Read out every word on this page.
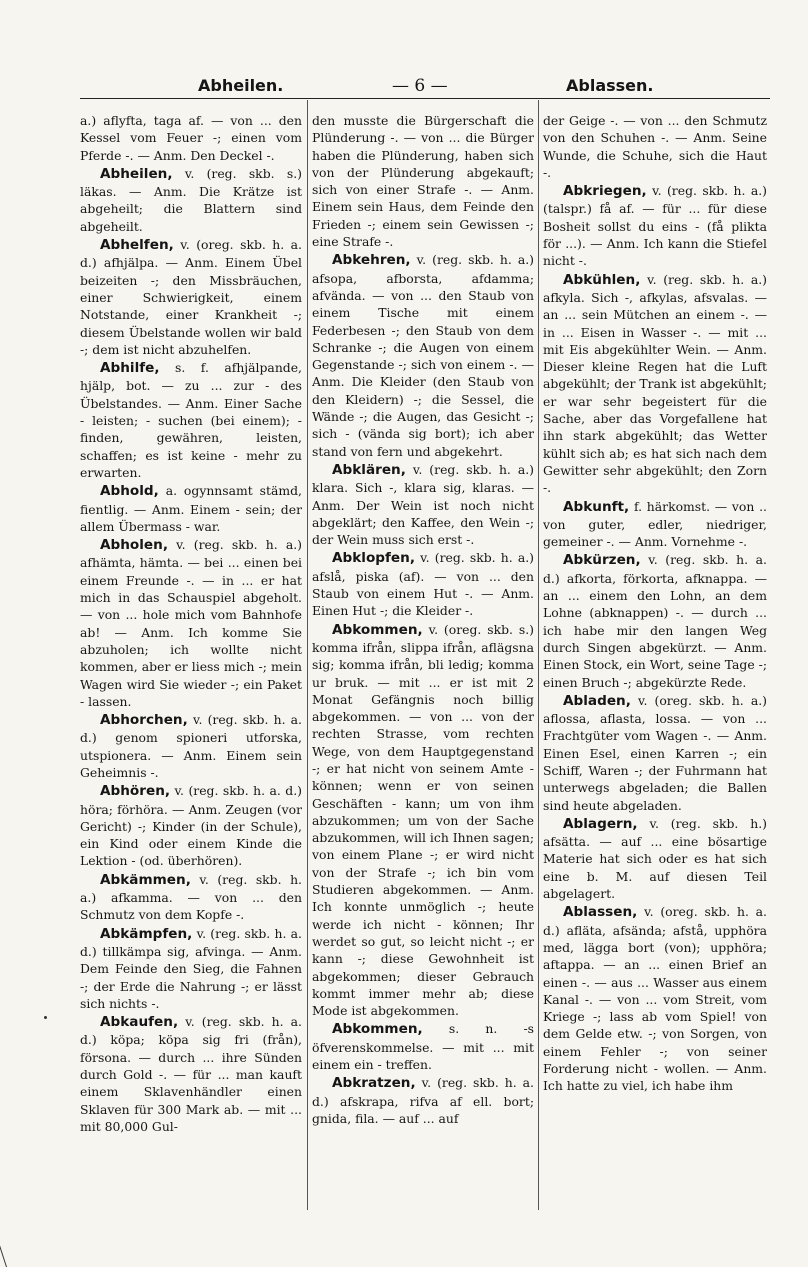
Abheilen.	— 6 —	Ablassen.
a.) aflyfta, taga af. — von ... den Kessel vom Feuer -; einen vom Pferde -. — Anm. Den Deckel -.
Abheilen, v. (reg. skb. s.) läkas. — Anm. Die Krätze ist abgeheilt; die Blattern sind abgeheilt.
Abhelfen, v. (oreg. skb. h. a. d.) afhjälpa. — Anm. Einem Übel beizeiten -; den Missbräuchen, einer Schwierigkeit, einem Notstande, einer Krankheit -; diesem Übelstande wollen wir bald -; dem ist nicht abzuhelfen.
Abhilfe, s. f. afhjälpande, hjälp, bot. — zu ... zur - des Übelstandes. — Anm. Einer Sache - leisten; - suchen (bei einem); - finden, gewähren, leisten, schaffen; es ist keine - mehr zu erwarten.
Abhold, a. ogynnsamt stämd, fientlig. — Anm. Einem - sein; der allem Übermass - war.
Abholen, v. (reg. skb. h. a.) afhämta, hämta. — bei ... einen bei einem Freunde -. — in ... er hat mich in das Schauspiel abgeholt. — von ... hole mich vom Bahnhofe ab! — Anm. Ich komme Sie abzuholen; ich wollte nicht kommen, aber er liess mich -; mein Wagen wird Sie wieder -; ein Paket - lassen.
Abhorchen, v. (reg. skb. h. a. d.) genom spioneri utforska, utspionera. — Anm. Einem sein Geheimnis -.
Abhören, v. (reg. skb. h. a. d.) höra; förhöra. — Anm. Zeugen (vor Gericht) -; Kinder (in der Schule), ein Kind oder einem Kinde die Lektion - (od. überhören).
Abkämmen, v. (reg. skb. h. a.) afkamma. — von ... den Schmutz von dem Kopfe -.
Abkämpfen, v. (reg. skb. h. a. d.) tillkämpa sig, afvinga. — Anm. Dem Feinde den Sieg, die Fahnen -; der Erde die Nahrung -; er lässt sich nichts -.
Abkaufen, v. (reg. skb. h. a. d.) köpa; köpa sig fri (från), försona. — durch ... ihre Sünden durch Gold -. — für ... man kauft einem Sklavenhändler einen Sklaven für 300 Mark ab. — mit ... mit 80,000 Gul-
den musste die Bürgerschaft die Plünderung -. — von ... die Bürger haben die Plünderung, haben sich von der Plünderung abgekauft; sich von einer Strafe -. — Anm. Einem sein Haus, dem Feinde den Frieden -; einem sein Gewissen -; eine Strafe -.
Abkehren, v. (reg. skb. h. a.) afsopa, afborsta, afdamma; afvända. — von ... den Staub von einem Tische mit einem Federbesen -; den Staub von dem Schranke -; die Augen von einem Gegenstande -; sich von einem -. — Anm. Die Kleider (den Staub von den Kleidern) -; die Sessel, die Wände -; die Augen, das Gesicht -; sich - (vända sig bort); ich aber stand von fern und abgekehrt.
Abklären, v. (reg. skb. h. a.) klara. Sich -, klara sig, klaras. — Anm. Der Wein ist noch nicht abgeklärt; den Kaffee, den Wein -; der Wein muss sich erst -.
Abklopfen, v. (reg. skb. h. a.) afslå, piska (af). — von ... den Staub von einem Hut -. — Anm. Einen Hut -; die Kleider -.
Abkommen, v. (oreg. skb. s.) komma ifrån, slippa ifrån, aflägsna sig; komma ifrån, bli ledig; komma ur bruk. — mit ... er ist mit 2 Monat Gefängnis noch billig abgekommen. — von ... von der rechten Strasse, vom rechten Wege, von dem Hauptgegenstand -; er hat nicht von seinem Amte - können; wenn er von seinen Geschäften - kann; um von ihm abzukommen; um von der Sache abzukommen, will ich Ihnen sagen; von einem Plane -; er wird nicht von der Strafe -; ich bin vom Studieren abgekommen. — Anm. Ich konnte unmöglich -; heute werde ich nicht - können; Ihr werdet so gut, so leicht nicht -; er kann -; diese Gewohnheit ist abgekommen; dieser Gebrauch kommt immer mehr ab; diese Mode ist abgekommen.
Abkommen, s. n. -s öfverenskommelse. — mit ... mit einem ein - treffen.
Abkratzen, v. (reg. skb. h. a. d.) afskrapa, rifva af ell. bort; gnida, fila. — auf ... auf
der Geige -. — von ... den Schmutz von den Schuhen -. — Anm. Seine Wunde, die Schuhe, sich die Haut -.
Abkriegen, v. (reg. skb. h. a.) (talspr.) få af. — für ... für diese Bosheit sollst du eins - (få plikta för ...). — Anm. Ich kann die Stiefel nicht -.
Abkühlen, v. (reg. skb. h. a.) afkyla. Sich -, afkylas, afsvalas. — an ... sein Mütchen an einem -. — in ... Eisen in Wasser -. — mit ... mit Eis abgekühlter Wein. — Anm. Dieser kleine Regen hat die Luft abgekühlt; der Trank ist abgekühlt; er war sehr begeistert für die Sache, aber das Vorgefallene hat ihn stark abgekühlt; das Wetter kühlt sich ab; es hat sich nach dem Gewitter sehr abgekühlt; den Zorn -.
Abkunft, f. härkomst. — von .. von guter, edler, niedriger, gemeiner -. — Anm. Vornehme -.
Abkürzen, v. (reg. skb. h. a. d.) afkorta, förkorta, afknappa. — an ... einem den Lohn, an dem Lohne (abknappen) -. — durch ... ich habe mir den langen Weg durch Singen abgekürzt. — Anm. Einen Stock, ein Wort, seine Tage -; einen Bruch -; abgekürzte Rede.
Abladen, v. (oreg. skb. h. a.) aflossa, aflasta, lossa. — von ... Frachtgüter vom Wagen -. — Anm. Einen Esel, einen Karren -; ein Schiff, Waren -; der Fuhrmann hat unterwegs abgeladen; die Ballen sind heute abgeladen.
Ablagern, v. (reg. skb. h.) afsätta. — auf ... eine bösartige Materie hat sich oder es hat sich eine b. M. auf diesen Teil abgelagert.
Ablassen, v. (oreg. skb. h. a. d.) afläta, afsända; afstå, upphöra med, lägga bort (von); upphöra; aftappa. — an ... einen Brief an einen -. — aus ... Wasser aus einem Kanal -. — von ... vom Streit, vom Kriege -; lass ab vom Spiel! von dem Gelde etw. -; von Sorgen, von einem Fehler -; von seiner Forderung nicht - wollen. — Anm. Ich hatte zu viel, ich habe ihm
